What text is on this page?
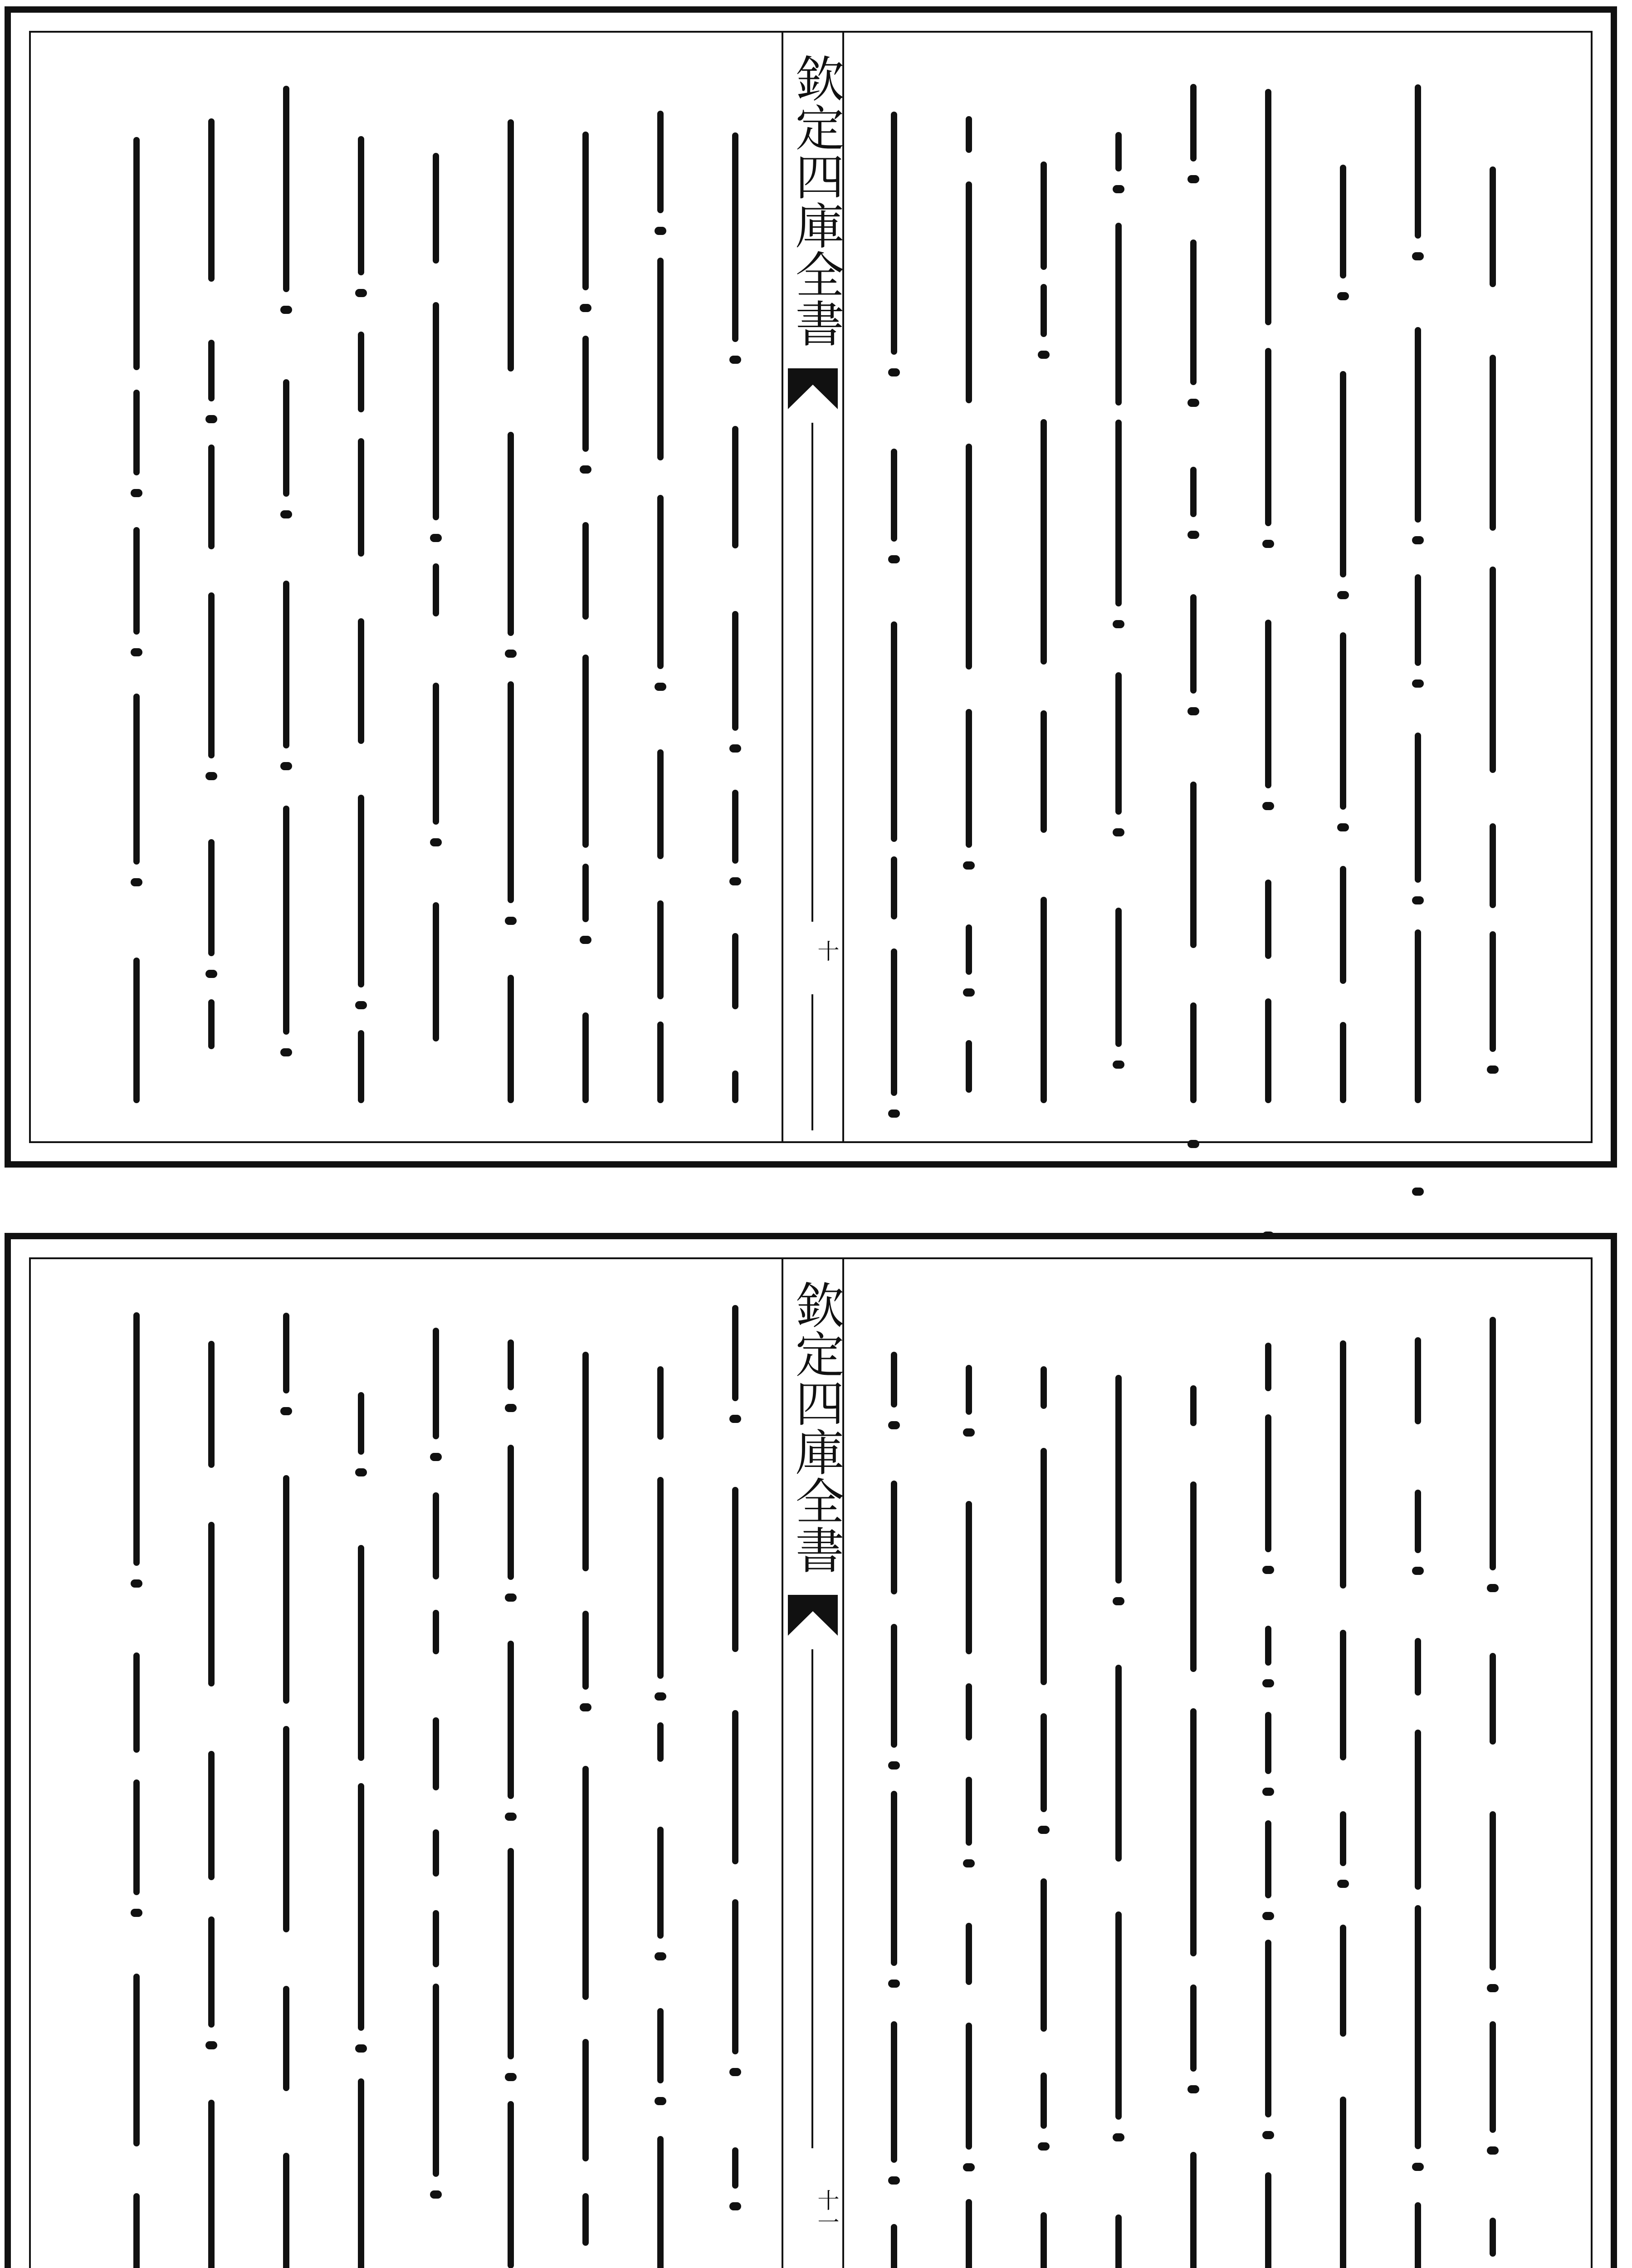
欽定四庫全書
十
欽定四庫全書
十一
